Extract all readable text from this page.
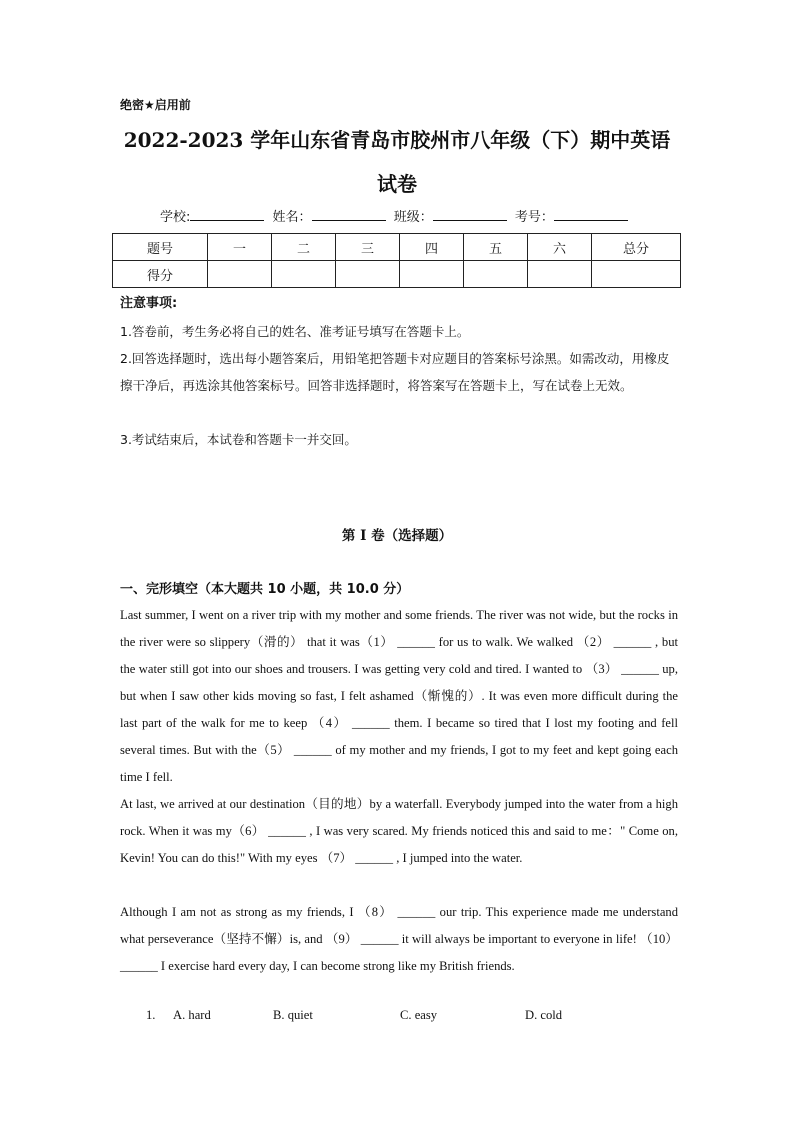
绝密★启用前
2022-2023 学年山东省青岛市胶州市八年级（下）期中英语
试卷
学校:	姓名：	班级：	考号：
题号	一	二	三	四	五	六	总分
得分							
注意事项:
1.答卷前，考生务必将自己的姓名、准考证号填写在答题卡上。
2.回答选择题时，选出每小题答案后，用铅笔把答题卡对应题目的答案标号涂黑。如需改动，用橡皮擦干净后，再选涂其他答案标号。回答非选择题时，将答案写在答题卡上，写在试卷上无效。
3.考试结束后，本试卷和答题卡一并交回。
第 I 卷（选择题）
一、完形填空（本大题共 10 小题，共 10.0 分）
Last summer, I went on a river trip with my mother and some friends. The river was not wide, but the rocks in the river were so slippery（滑的） that it was（1） ______ for us to walk. We walked （2） ______ , but the water still got into our shoes and trousers. I was getting very cold and tired. I wanted to （3） ______ up, but when I saw other kids moving so fast, I felt ashamed（惭愧的）. It was even more difficult during the last part of the walk for me to keep （4） ______ them. I became so tired that I lost my footing and fell several times. But with the（5） ______ of my mother and my friends, I got to my feet and kept going each time I fell.
At last, we arrived at our destination（目的地）by a waterfall. Everybody jumped into the water from a high rock. When it was my（6） ______ , I was very scared. My friends noticed this and said to me：" Come on, Kevin! You can do this!" With my eyes （7） ______ , I jumped into the water.
Although I am not as strong as my friends, I （8） ______ our trip. This experience made me understand what perseverance（坚持不懈）is, and （9） ______ it will always be important to everyone in life! （10） ______ I exercise hard every day, I can become strong like my British friends.
1.	A. hard	B. quiet	C. easy	D. cold
